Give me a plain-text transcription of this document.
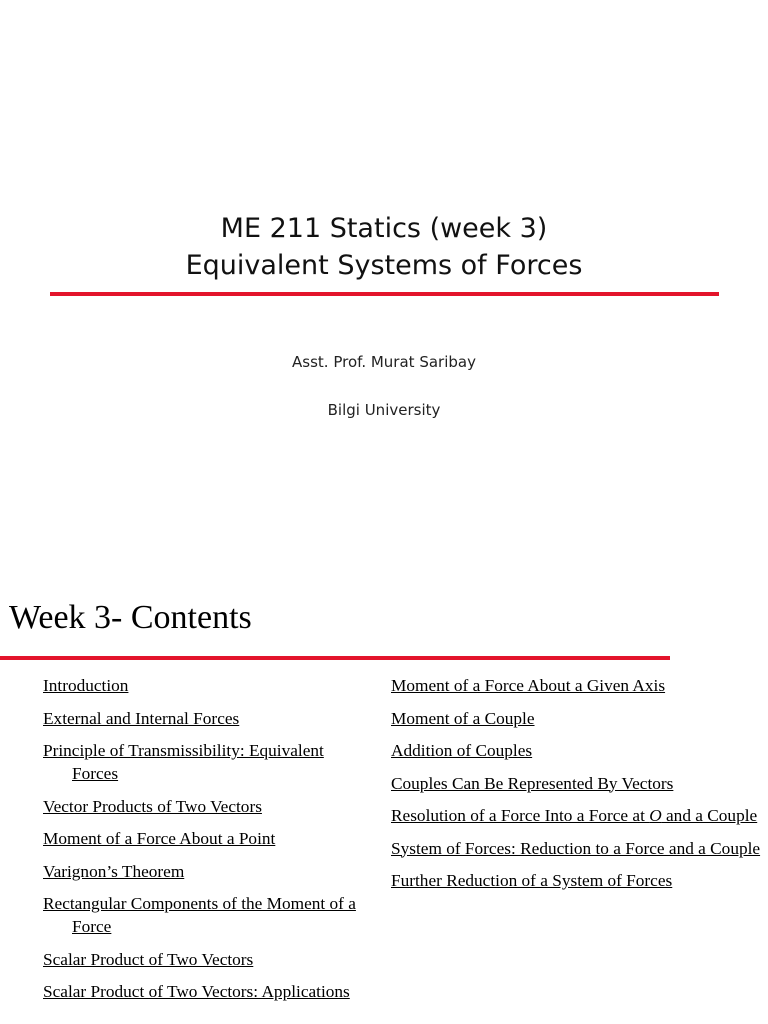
ME 211 Statics (week 3)
Equivalent Systems of Forces
Asst. Prof. Murat Saribay
Bilgi University
Week 3- Contents
Introduction
External and Internal Forces
Principle of Transmissibility: Equivalent Forces
Vector Products of Two Vectors
Moment of a Force About a Point
Varignon’s Theorem
Rectangular Components of the Moment of a Force
Scalar Product of Two Vectors
Scalar Product of Two Vectors: Applications
Moment of a Force About a Given Axis
Moment of a Couple
Addition of Couples
Couples Can Be Represented By Vectors
Resolution of a Force Into a Force at O and a Couple
System of Forces: Reduction to a Force and a Couple
Further Reduction of a System of Forces
